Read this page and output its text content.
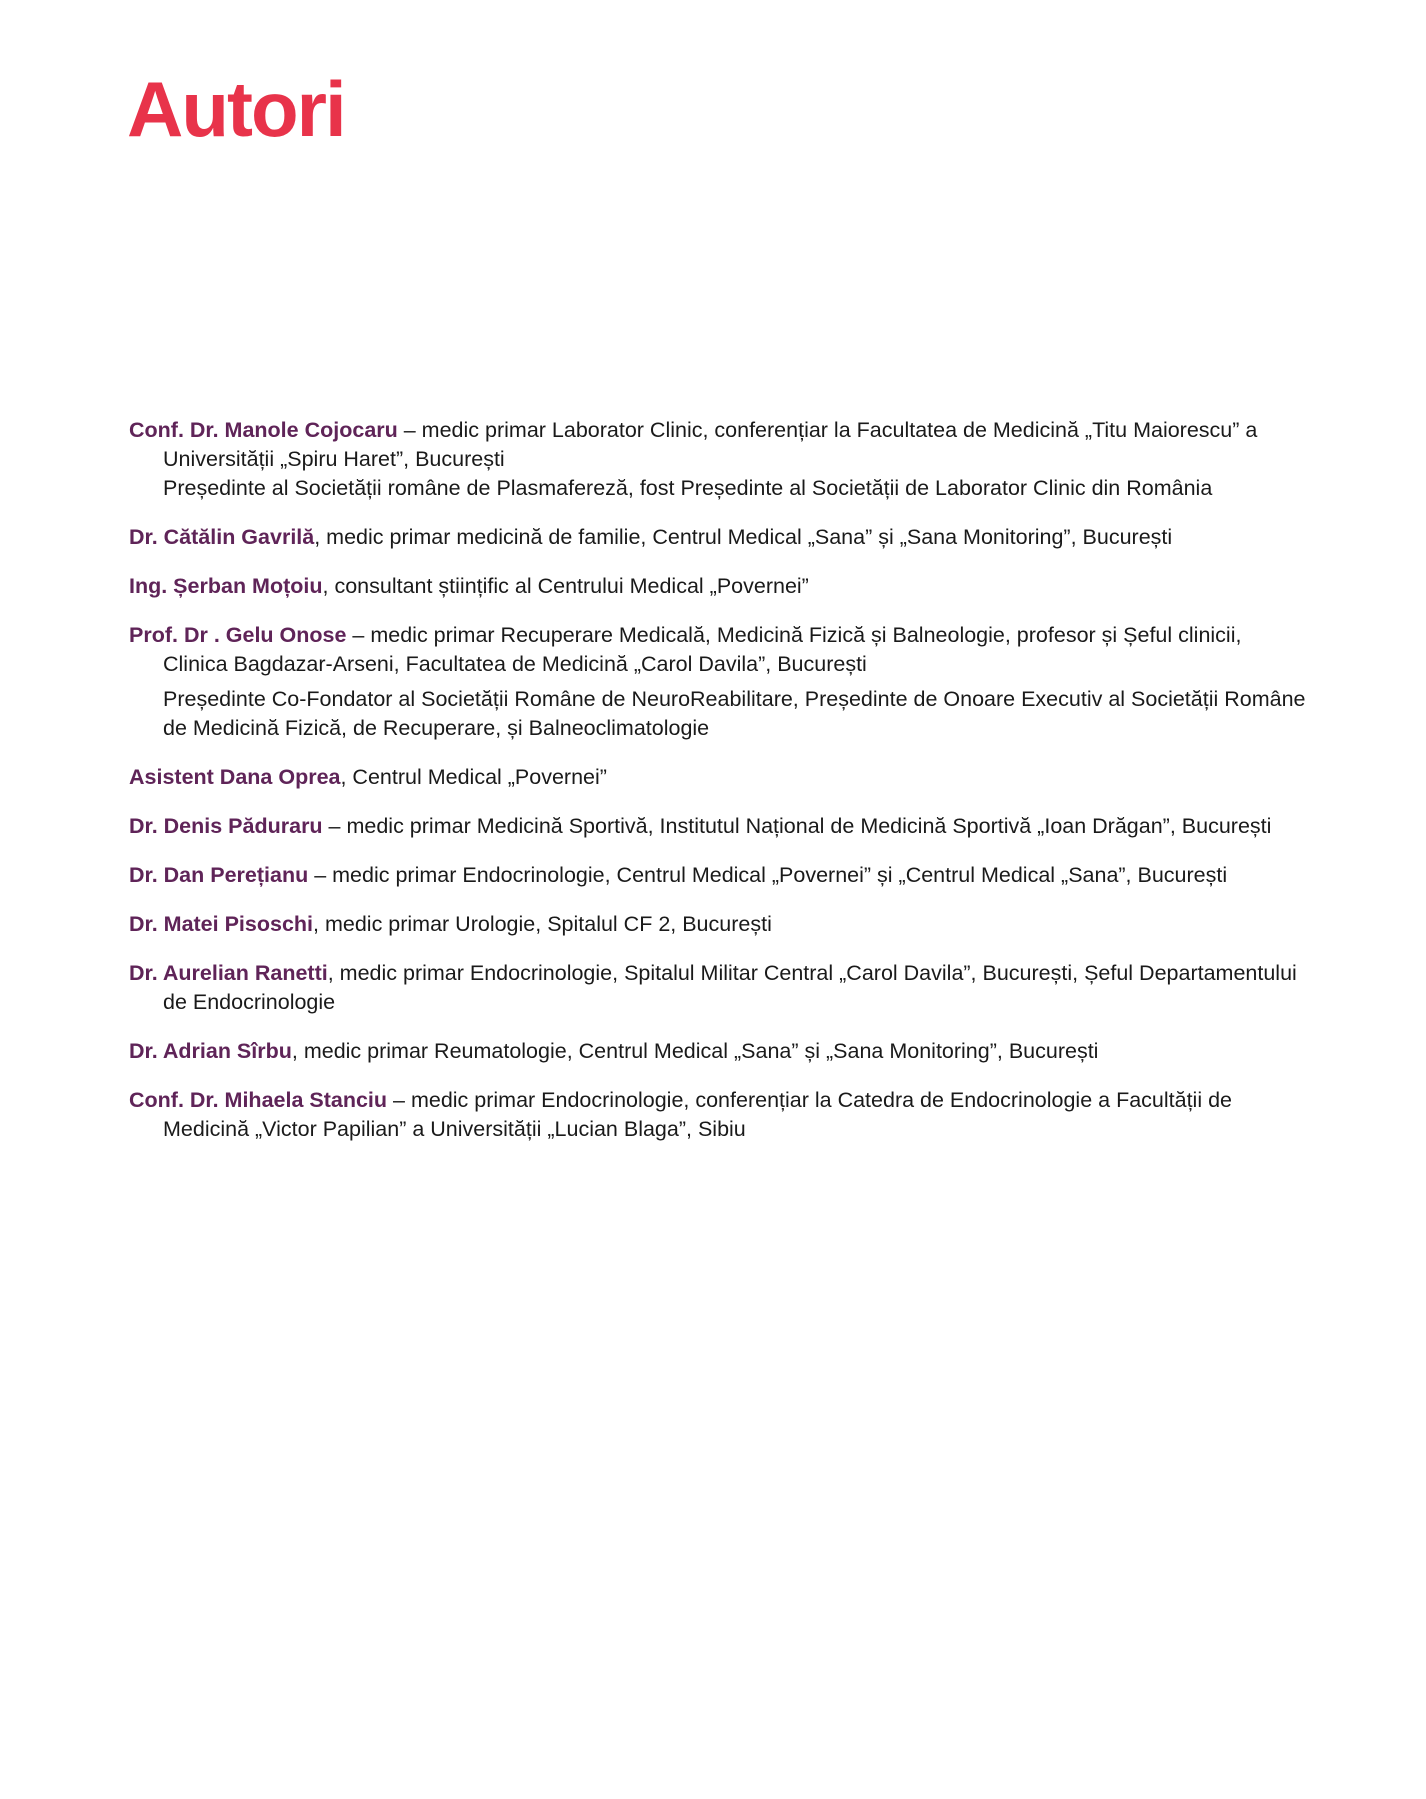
Autori

Conf. Dr. Manole Cojocaru – medic primar Laborator Clinic, conferențiar la Facultatea de Medicină „Titu Maiorescu” a Universității „Spiru Haret”, București

Președinte al Societății române de Plasmafereză, fost Președinte al Societății de Laborator Clinic din România

Dr. Cătălin Gavrilă, medic primar medicină de familie, Centrul Medical „Sana” și „Sana Monitoring”, București

Ing. Șerban Moțoiu, consultant științific al Centrului Medical „Povernei”

Prof. Dr . Gelu Onose – medic primar Recuperare Medicală, Medicină Fizică și Balneologie, profesor și Șeful clinicii, Clinica Bagdazar-Arseni, Facultatea de Medicină „Carol Davila”, București

Președinte Co-Fondator al Societății Române de NeuroReabilitare, Președinte de Onoare Executiv al Societății Române de Medicină Fizică, de Recuperare, și Balneoclimatologie

Asistent Dana Oprea, Centrul Medical „Povernei”

Dr. Denis Păduraru – medic primar Medicină Sportivă, Institutul Național de Medicină Sportivă „Ioan Drăgan”, București

Dr. Dan Perețianu – medic primar Endocrinologie, Centrul Medical „Povernei” și „Centrul Medical „Sana”, București

Dr. Matei Pisoschi, medic primar Urologie, Spitalul CF 2, București

Dr. Aurelian Ranetti, medic primar Endocrinologie, Spitalul Militar Central „Carol Davila”, București, Șeful Departamentului de Endocrinologie

Dr. Adrian Sîrbu, medic primar Reumatologie, Centrul Medical „Sana” și „Sana Monitoring”, București

Conf. Dr. Mihaela Stanciu – medic primar Endocrinologie, conferențiar la Catedra de Endocrinologie a Facultății de Medicină „Victor Papilian” a Universității „Lucian Blaga”, Sibiu
